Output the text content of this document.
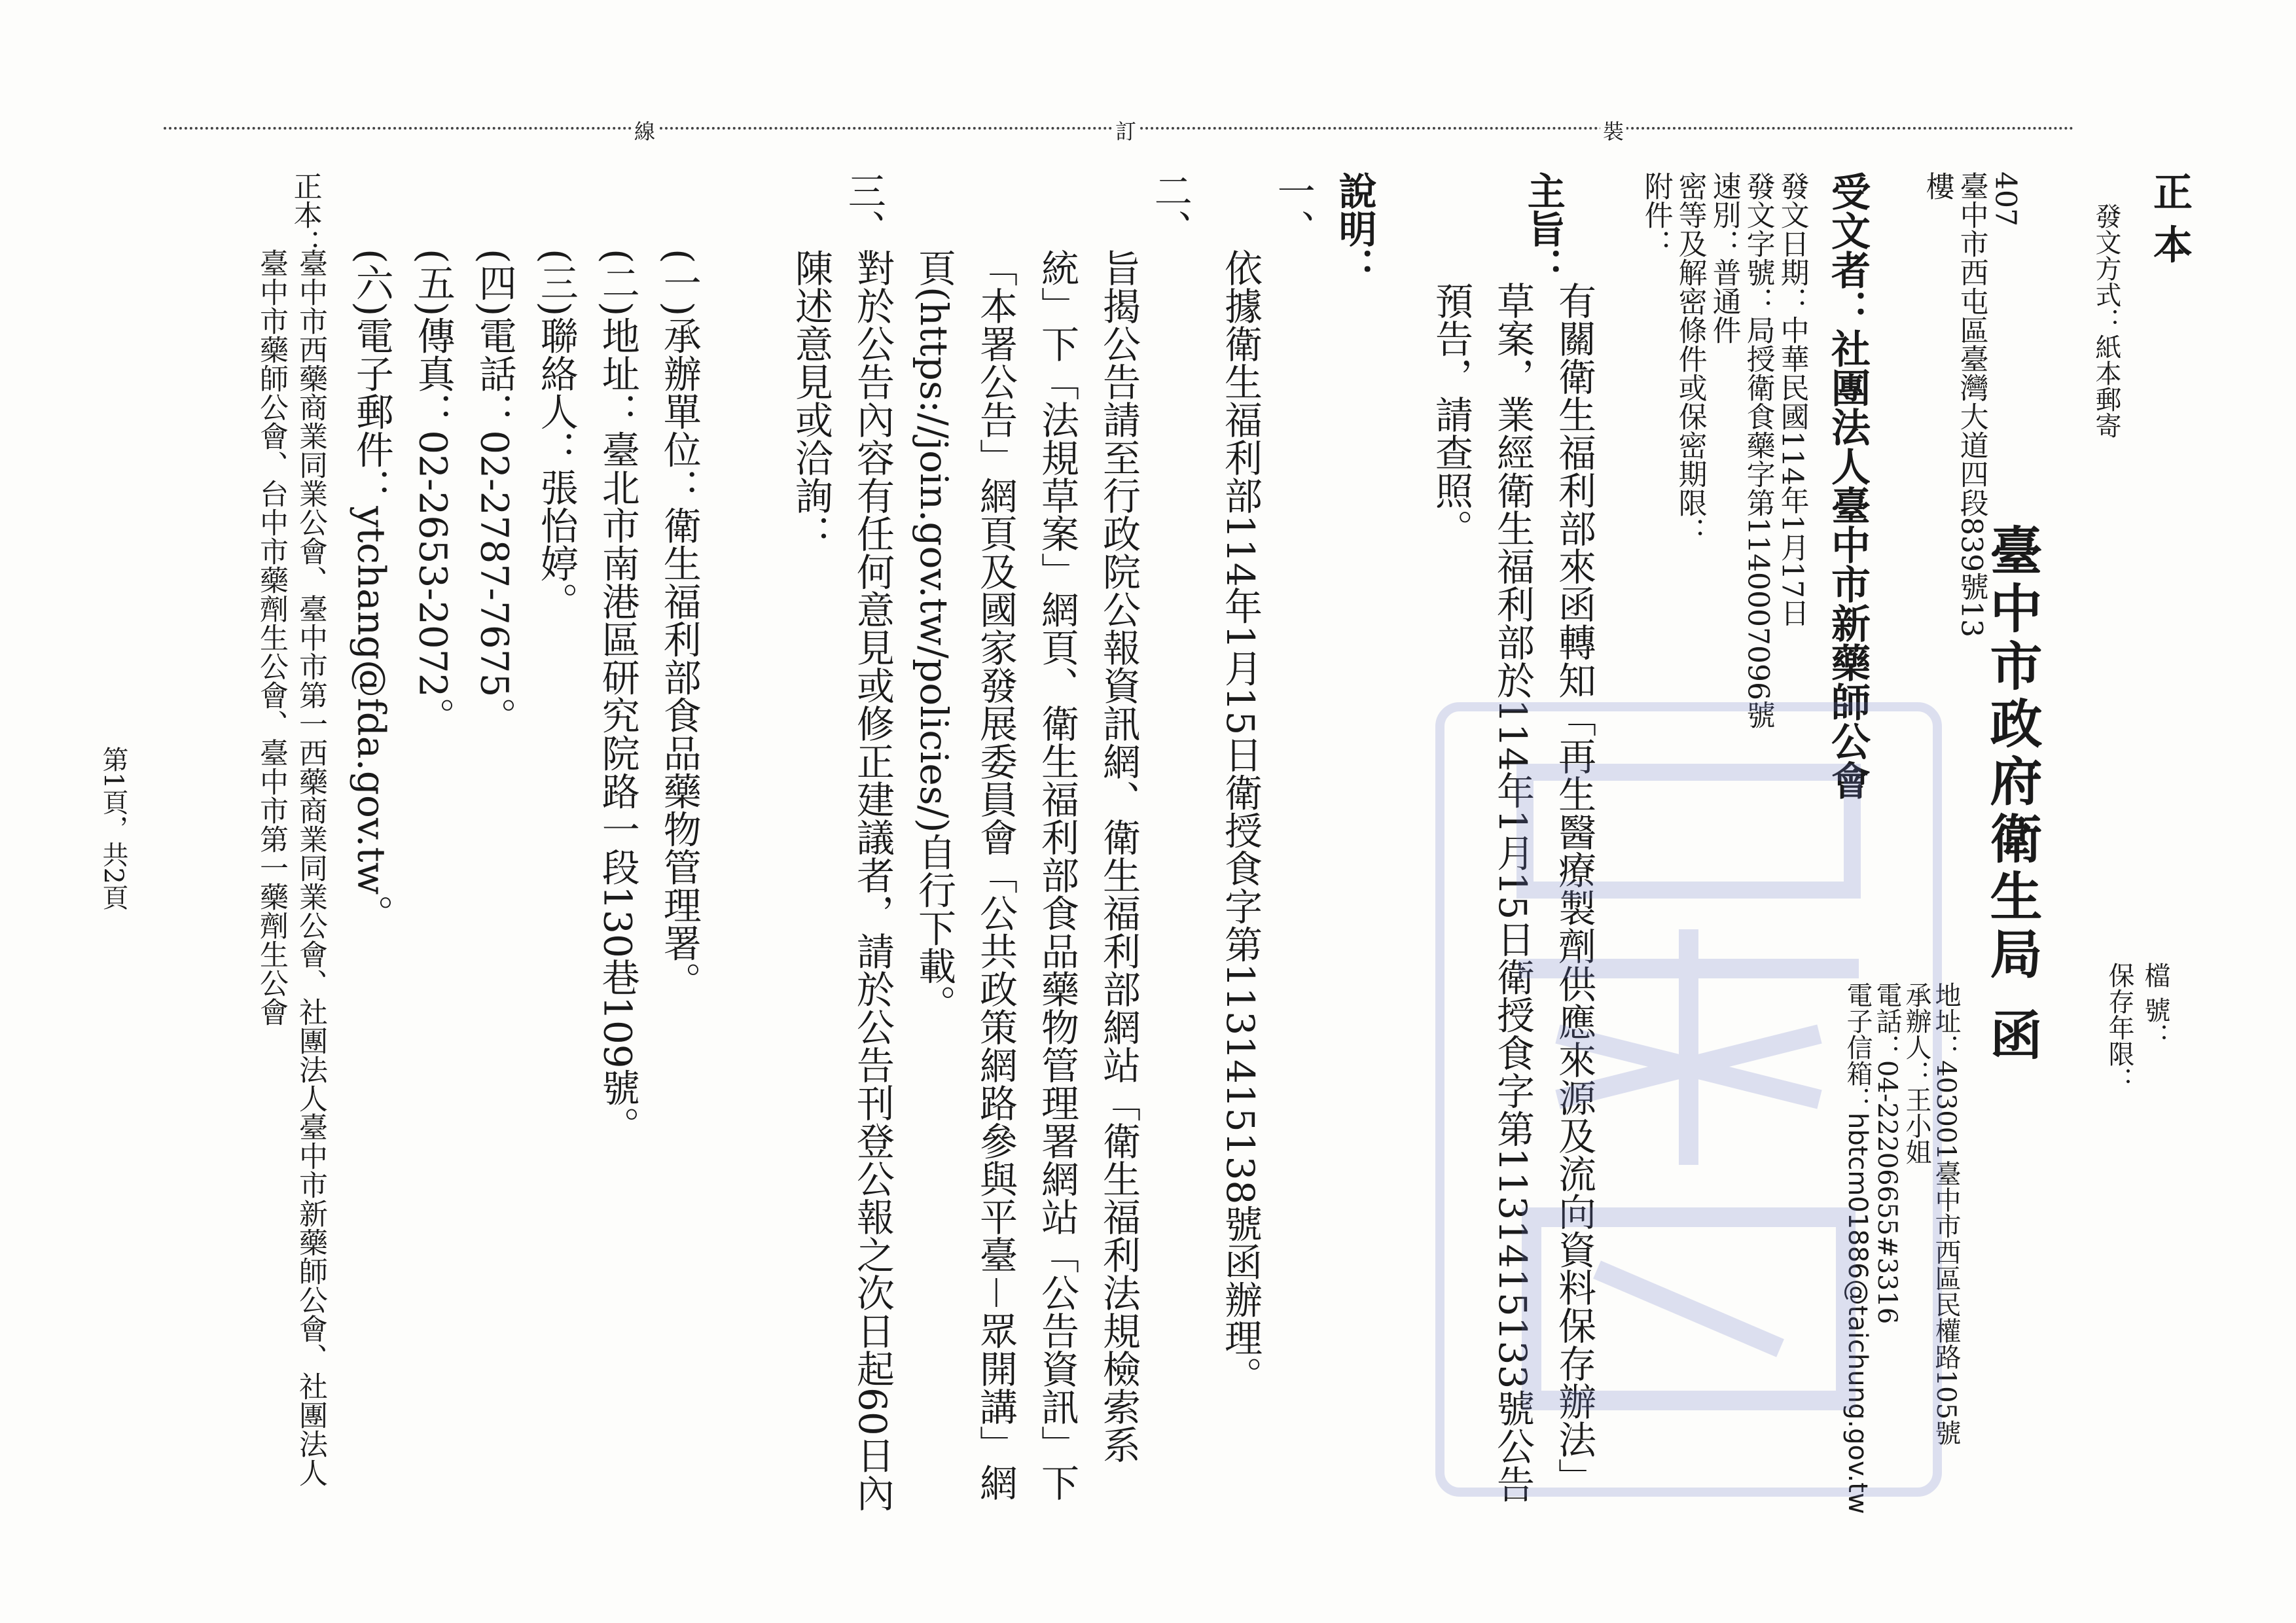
正 本
發文方式：紙本郵寄
檔 號：
保存年限：
裝
訂
線
臺中市政府衛生局 函
地址：403001臺中市西區民權路105號
承辦人：王小姐
電話：04-22206655#3316
電子信箱：hbtcm01886@taichung.gov.tw
407
臺中市西屯區臺灣大道四段839號13
樓
受文者：社團法人臺中市新藥師公會
發文日期：中華民國114年1月17日
發文字號：局授衛食藥字第1140007096號
速別：普通件
密等及解密條件或保密期限：
附件：
主旨：
有關衛生福利部來函轉知「再生醫療製劑供應來源及流向資料保存辦法」草案，業經衛生福利部於114年1月15日衛授食字第1131415133號公告預告，請查照。
說明：
一、
依據衛生福利部114年1月15日衛授食字第1131415138號函辦理。
二、
旨揭公告請至行政院公報資訊網、衛生福利部網站「衛生福利法規檢索系統」下「法規草案」網頁、衛生福利部食品藥物管理署網站「公告資訊」下「本署公告」網頁及國家發展委員會「公共政策網路參與平臺－眾開講」網頁(https://join.gov.tw/policies/)自行下載。
三、
對於公告內容有任何意見或修正建議者，請於公告刊登公報之次日起60日內陳述意見或洽詢：
(一)承辦單位：衛生福利部食品藥物管理署。
(二)地址：臺北市南港區研究院路一段130巷109號。
(三)聯絡人：張怡婷。
(四)電話：02-2787-7675。
(五)傳真：02-2653-2072。
(六)電子郵件：ytchang@fda.gov.tw。
正本：
臺中市西藥商業同業公會、臺中市第一西藥商業同業公會、社團法人臺中市新藥師公會、社團法人臺中市藥師公會、台中市藥劑生公會、臺中市第一藥劑生公會
第1頁，共2頁
